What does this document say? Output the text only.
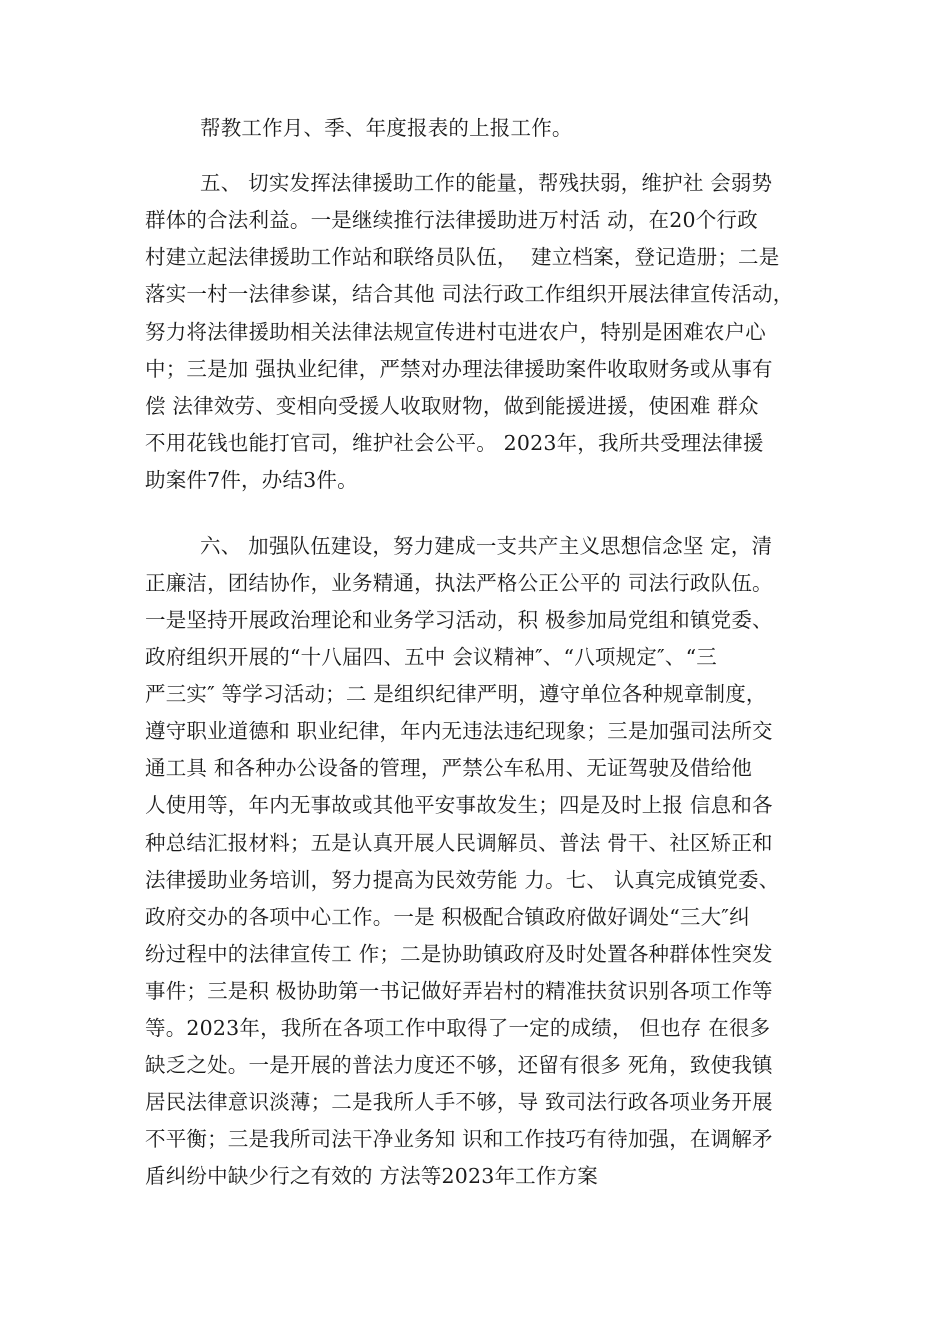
帮教工作月、季、年度报表的上报工作。
五、 切实发挥法律援助工作的能量，帮残扶弱，维护社 会弱势
群体的合法利益。一是继续推行法律援助进万村活 动，在20个行政
村建立起法律援助工作站和联络员队伍，  建立档案，登记造册；二是
落实一村一法律参谋，结合其他 司法行政工作组织开展法律宣传活动，
努力将法律援助相关法律法规宣传进村屯进农户，特别是困难农户心
中；三是加 强执业纪律，严禁对办理法律援助案件收取财务或从事有
偿 法律效劳、变相向受援人收取财物，做到能援进援，使困难 群众
不用花钱也能打官司，维护社会公平。 2023年，我所共受理法律援
助案件7件，办结3件。
六、 加强队伍建设，努力建成一支共产主义思想信念坚 定，清
正廉洁，团结协作，业务精通，执法严格公正公平的 司法行政队伍。
一是坚持开展政治理论和业务学习活动，积 极参加局党组和镇党委、
政府组织开展的“十八届四、五中 会议精神″、“八项规定″、“三
严三实″ 等学习活动；二 是组织纪律严明，遵守单位各种规章制度，
遵守职业道德和 职业纪律，年内无违法违纪现象；三是加强司法所交
通工具 和各种办公设备的管理，严禁公车私用、无证驾驶及借给他
人使用等，年内无事故或其他平安事故发生；四是及时上报 信息和各
种总结汇报材料；五是认真开展人民调解员、普法 骨干、社区矫正和
法律援助业务培训，努力提高为民效劳能 力。七、 认真完成镇党委、
政府交办的各项中心工作。一是 积极配合镇政府做好调处“三大″纠
纷过程中的法律宣传工 作；二是协助镇政府及时处置各种群体性突发
事件；三是积 极协助第一书记做好弄岩村的精准扶贫识别各项工作等
等。2023年，我所在各项工作中取得了一定的成绩， 但也存 在很多
缺乏之处。一是开展的普法力度还不够，还留有很多 死角，致使我镇
居民法律意识淡薄；二是我所人手不够，导 致司法行政各项业务开展
不平衡；三是我所司法干净业务知 识和工作技巧有待加强，在调解矛
盾纠纷中缺少行之有效的 方法等2023年工作方案
